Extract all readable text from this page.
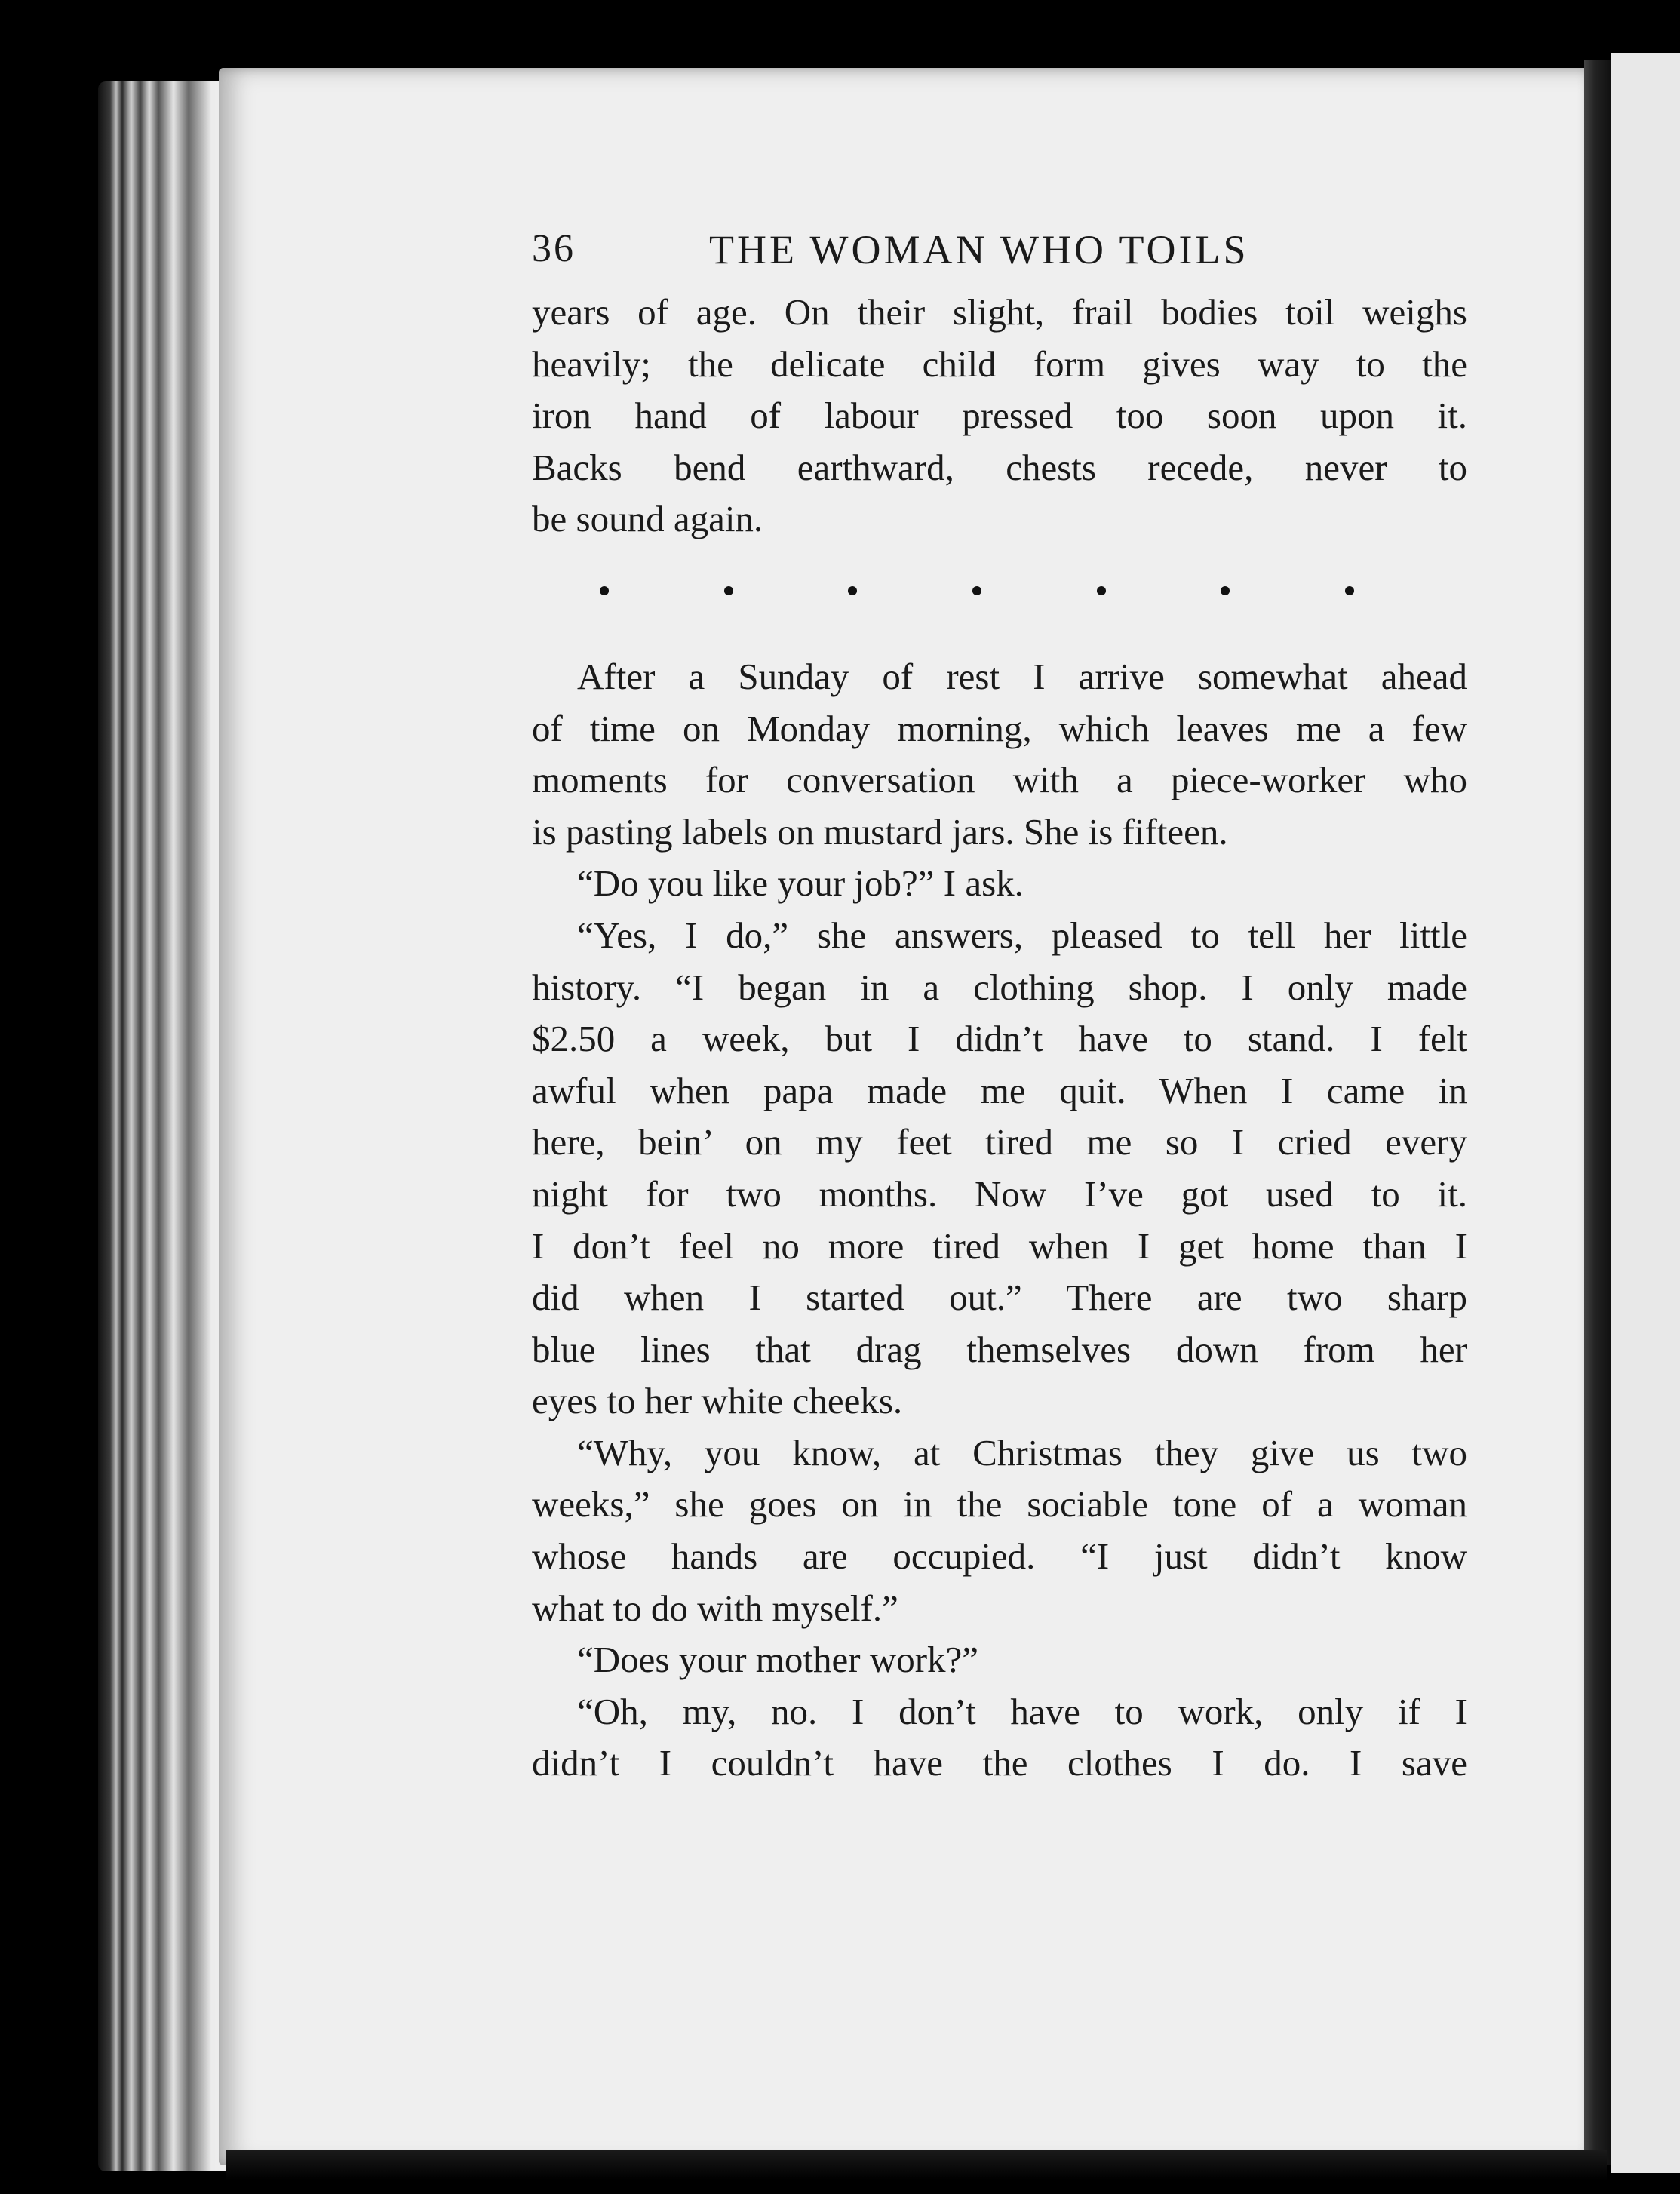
36	THE WOMAN WHO TOILS
years of age. On their slight, frail bodies toil weighs
heavily; the delicate child form gives way to the
iron hand of labour pressed too soon upon it.
Backs bend earthward, chests recede, never to
be sound again.
After a Sunday of rest I arrive somewhat ahead
of time on Monday morning, which leaves me a few
moments for conversation with a piece-worker who
is pasting labels on mustard jars. She is fifteen.
“Do you like your job?” I ask.
“Yes, I do,” she answers, pleased to tell her little
history. “I began in a clothing shop. I only made
$2.50 a week, but I didn’t have to stand. I felt
awful when papa made me quit. When I came in
here, bein’ on my feet tired me so I cried every
night for two months. Now I’ve got used to it.
I don’t feel no more tired when I get home than I
did when I started out.” There are two sharp
blue lines that drag themselves down from her
eyes to her white cheeks.
“Why, you know, at Christmas they give us two
weeks,” she goes on in the sociable tone of a woman
whose hands are occupied. “I just didn’t know
what to do with myself.”
“Does your mother work?”
“Oh, my, no. I don’t have to work, only if I
didn’t I couldn’t have the clothes I do. I save
